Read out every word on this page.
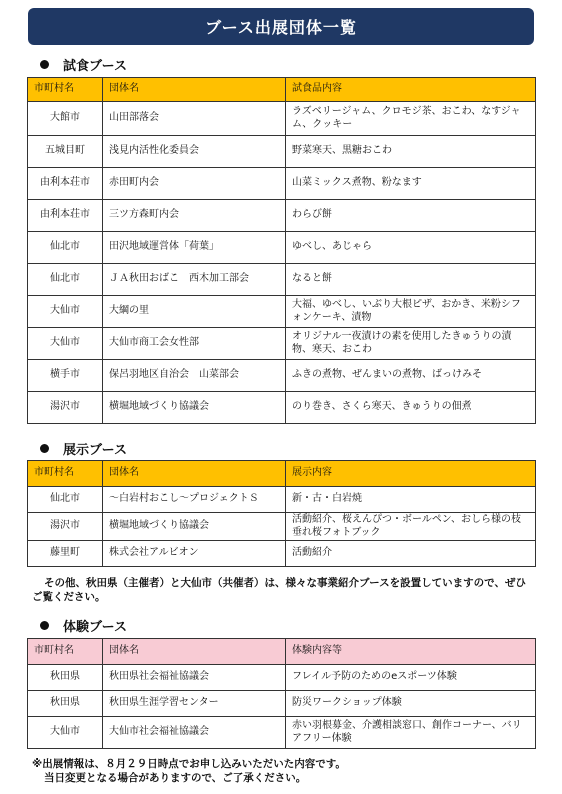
ブース出展団体一覧
試食ブース
市町村名	団体名	試食品内容
大館市	山田部落会	ラズベリージャム、クロモジ茶、おこわ、なすジャム、クッキー
五城目町	浅見内活性化委員会	野菜寒天、黒糖おこわ
由利本荘市	赤田町内会	山菜ミックス煮物、粉なます
由利本荘市	三ツ方森町内会	わらび餅
仙北市	田沢地域運営体「荷葉」	ゆべし、あじゃら
仙北市	ＪＡ秋田おばこ　西木加工部会	なると餅
大仙市	大綱の里	大福、ゆべし、いぶり大根ピザ、おかき、米粉シフォンケーキ、漬物
大仙市	大仙市商工会女性部	オリジナル一夜漬けの素を使用したきゅうりの漬物、寒天、おこわ
横手市	保呂羽地区自治会　山菜部会	ふきの煮物、ぜんまいの煮物、ばっけみそ
湯沢市	横堀地域づくり協議会	のり巻き、さくら寒天、きゅうりの佃煮
展示ブース
市町村名	団体名	展示内容
仙北市	～白岩村おこし～プロジェクトＳ	新・古・白岩焼
湯沢市	横堀地域づくり協議会	活動紹介、桜えんぴつ・ボールペン、おしら様の枝垂れ桜フォトブック
藤里町	株式会社アルビオン	活動紹介
その他、秋田県（主催者）と大仙市（共催者）は、様々な事業紹介ブースを設置していますので、ぜひご覧ください。
体験ブース
市町村名	団体名	体験内容等
秋田県	秋田県社会福祉協議会	フレイル予防のためのeスポーツ体験
秋田県	秋田県生涯学習センター	防災ワークショップ体験
大仙市	大仙市社会福祉協議会	赤い羽根募金、介護相談窓口、創作コーナー、バリアフリー体験
※出展情報は、８月２９日時点でお申し込みいただいた内容です。
当日変更となる場合がありますので、ご了承ください。
